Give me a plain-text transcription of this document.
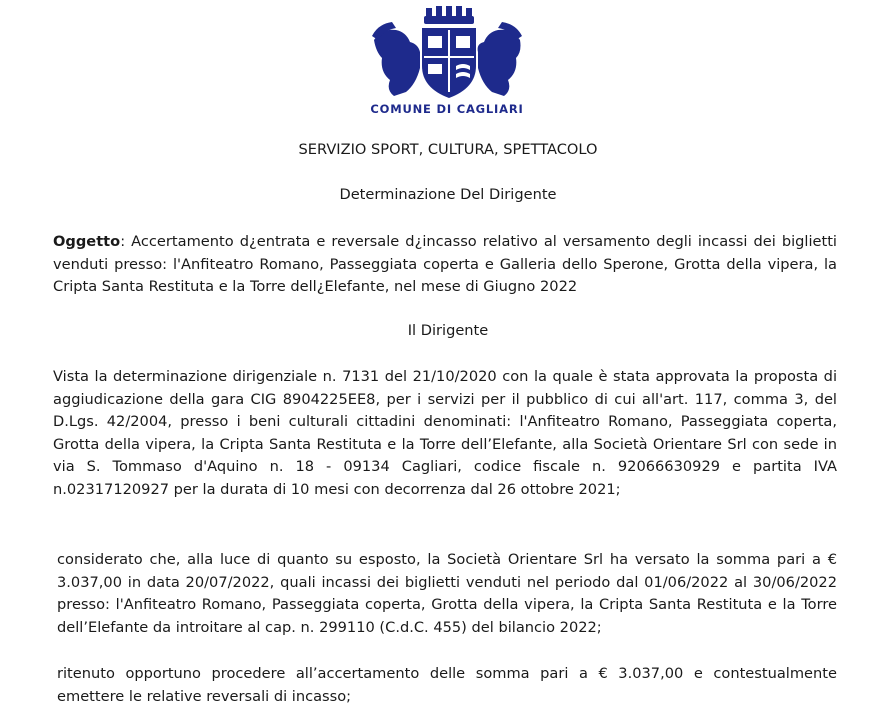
COMUNE DI CAGLIARI
SERVIZIO SPORT, CULTURA, SPETTACOLO
Determinazione Del Dirigente
Oggetto: Accertamento d¿entrata e reversale d¿incasso relativo al versamento degli incassi dei biglietti venduti presso: l'Anfiteatro Romano, Passeggiata coperta e Galleria dello Sperone, Grotta della vipera, la Cripta Santa Restituta e la Torre dell¿Elefante, nel mese di Giugno 2022
Il Dirigente
Vista la determinazione dirigenziale n. 7131 del 21/10/2020 con la quale è stata approvata la proposta di aggiudicazione della gara CIG 8904225EE8, per i servizi per il pubblico di cui all'art. 117, comma 3, del D.Lgs. 42/2004, presso i beni culturali cittadini denominati: l'Anfiteatro Romano, Passeggiata coperta, Grotta della vipera, la Cripta Santa Restituta e la Torre dell’Elefante, alla Società Orientare Srl con sede in via S. Tommaso d'Aquino n. 18 - 09134 Cagliari, codice fiscale n. 92066630929 e partita IVA n.02317120927 per la durata di 10 mesi con decorrenza dal 26 ottobre 2021;
considerato che, alla luce di quanto su esposto, la Società Orientare Srl ha versato la somma pari a € 3.037,00 in data 20/07/2022, quali incassi dei biglietti venduti nel periodo dal 01/06/2022 al 30/06/2022 presso: l'Anfiteatro Romano, Passeggiata coperta, Grotta della vipera, la Cripta Santa Restituta e la Torre dell’Elefante da introitare al cap. n. 299110 (C.d.C. 455) del bilancio 2022;
ritenuto opportuno procedere all’accertamento delle somma pari a € 3.037,00 e contestualmente emettere le relative reversali di incasso;
